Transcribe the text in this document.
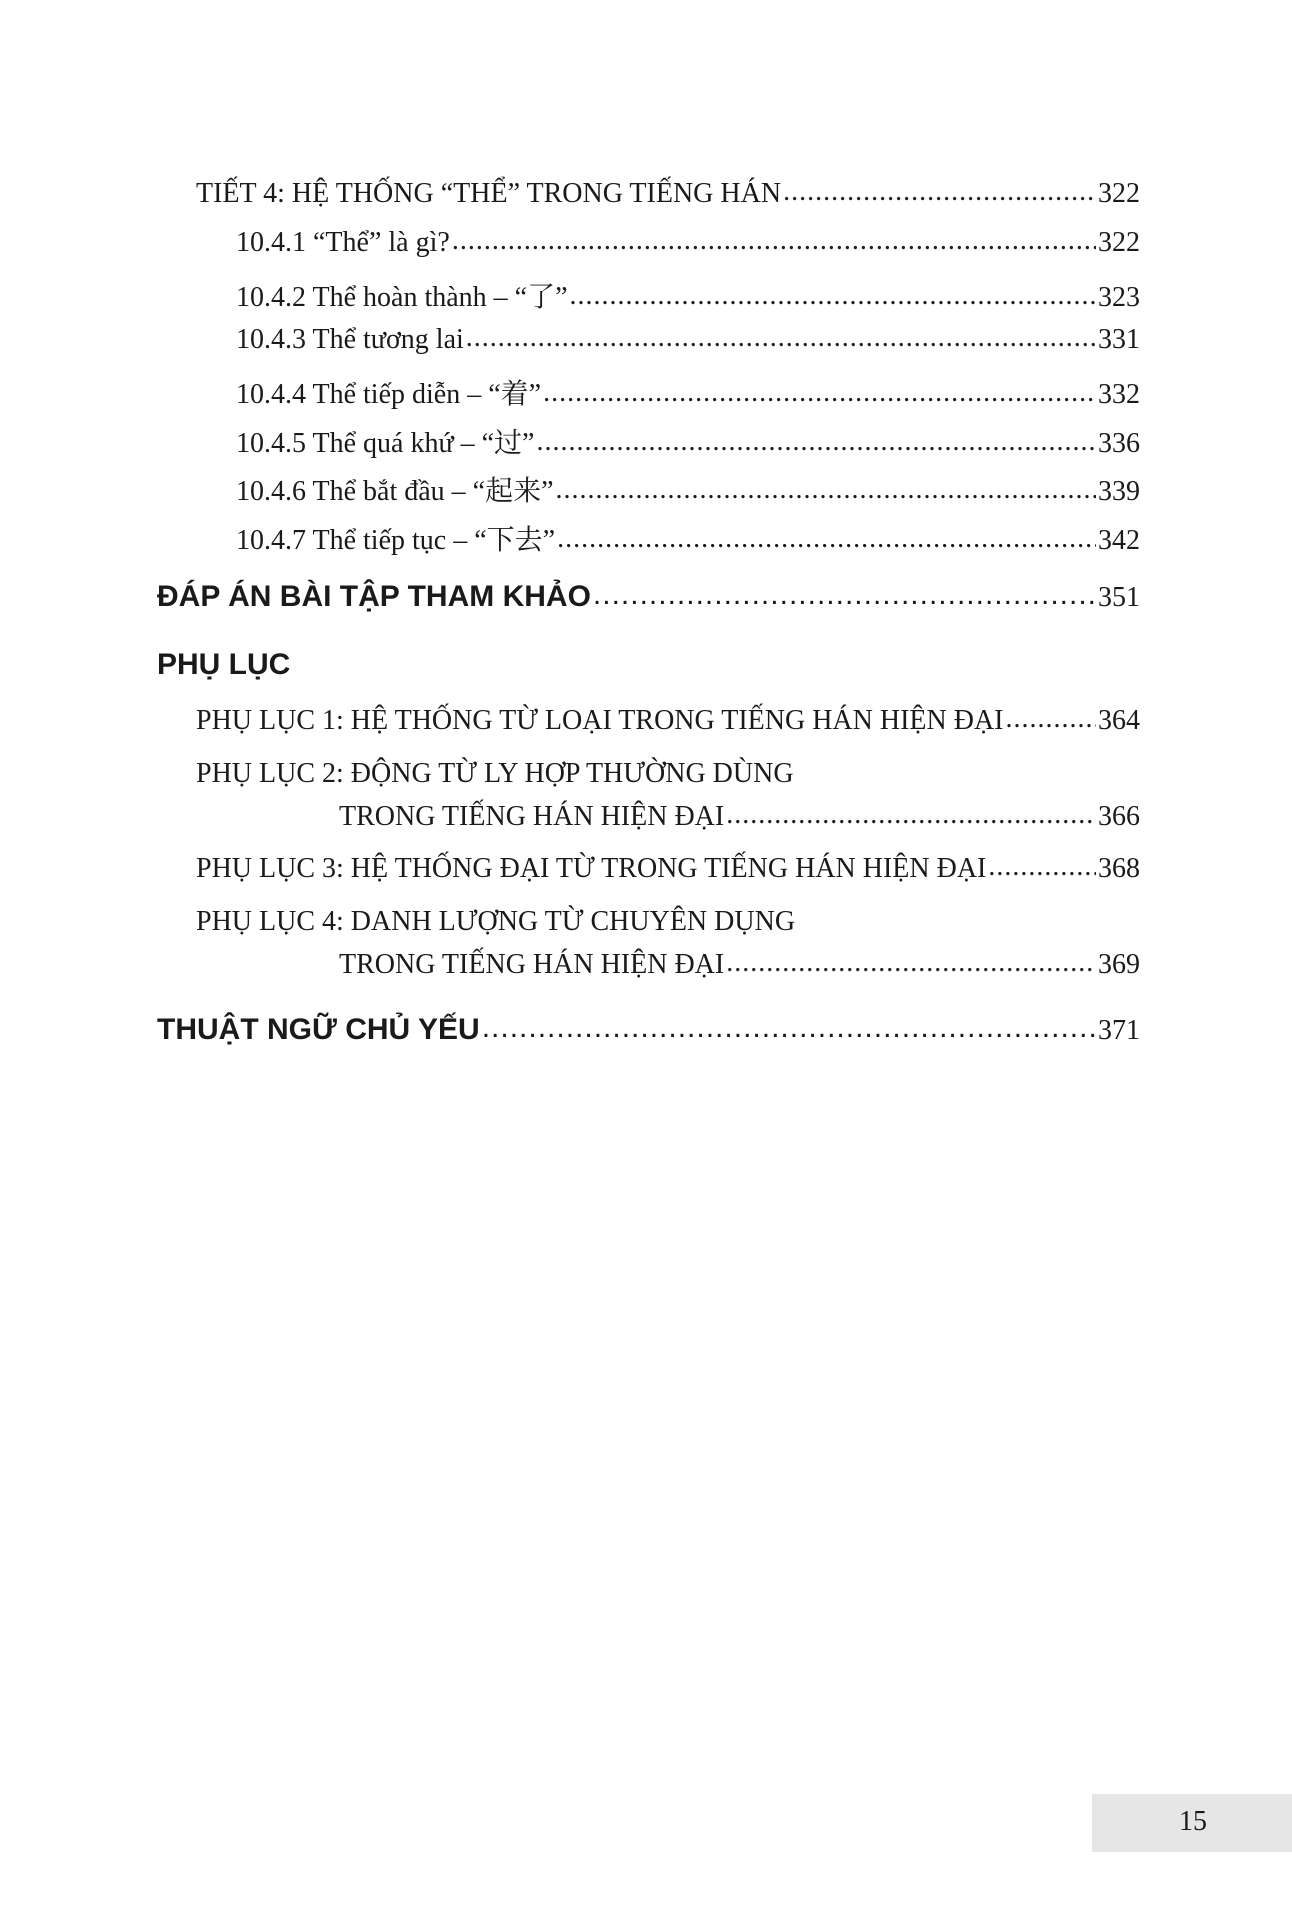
TIẾT 4: HỆ THỐNG “THỂ” TRONG TIẾNG HÁN .....	322
10.4.1 “Thể” là gì? .....	322
10.4.2 Thể hoàn thành – “了” .....	323
10.4.3 Thể tương lai .....	331
10.4.4 Thể tiếp diễn – “着” .....	332
10.4.5 Thể quá khứ – “过” .....	336
10.4.6 Thể bắt đầu – “起来” .....	339
10.4.7 Thể tiếp tục – “下去” .....	342
ĐÁP ÁN BÀI TẬP THAM KHẢO .....	351
PHỤ LỤC
PHỤ LỤC 1: HỆ THỐNG TỪ LOẠI TRONG TIẾNG HÁN HIỆN ĐẠI .....	364
PHỤ LỤC 2: ĐỘNG TỪ LY HỢP THƯỜNG DÙNG
TRONG TIẾNG HÁN HIỆN ĐẠI .....	366
PHỤ LỤC 3: HỆ THỐNG ĐẠI TỪ TRONG TIẾNG HÁN HIỆN ĐẠI .....	368
PHỤ LỤC 4: DANH LƯỢNG TỪ CHUYÊN DỤNG
TRONG TIẾNG HÁN HIỆN ĐẠI .....	369
THUẬT NGỮ CHỦ YẾU .....	371
15
